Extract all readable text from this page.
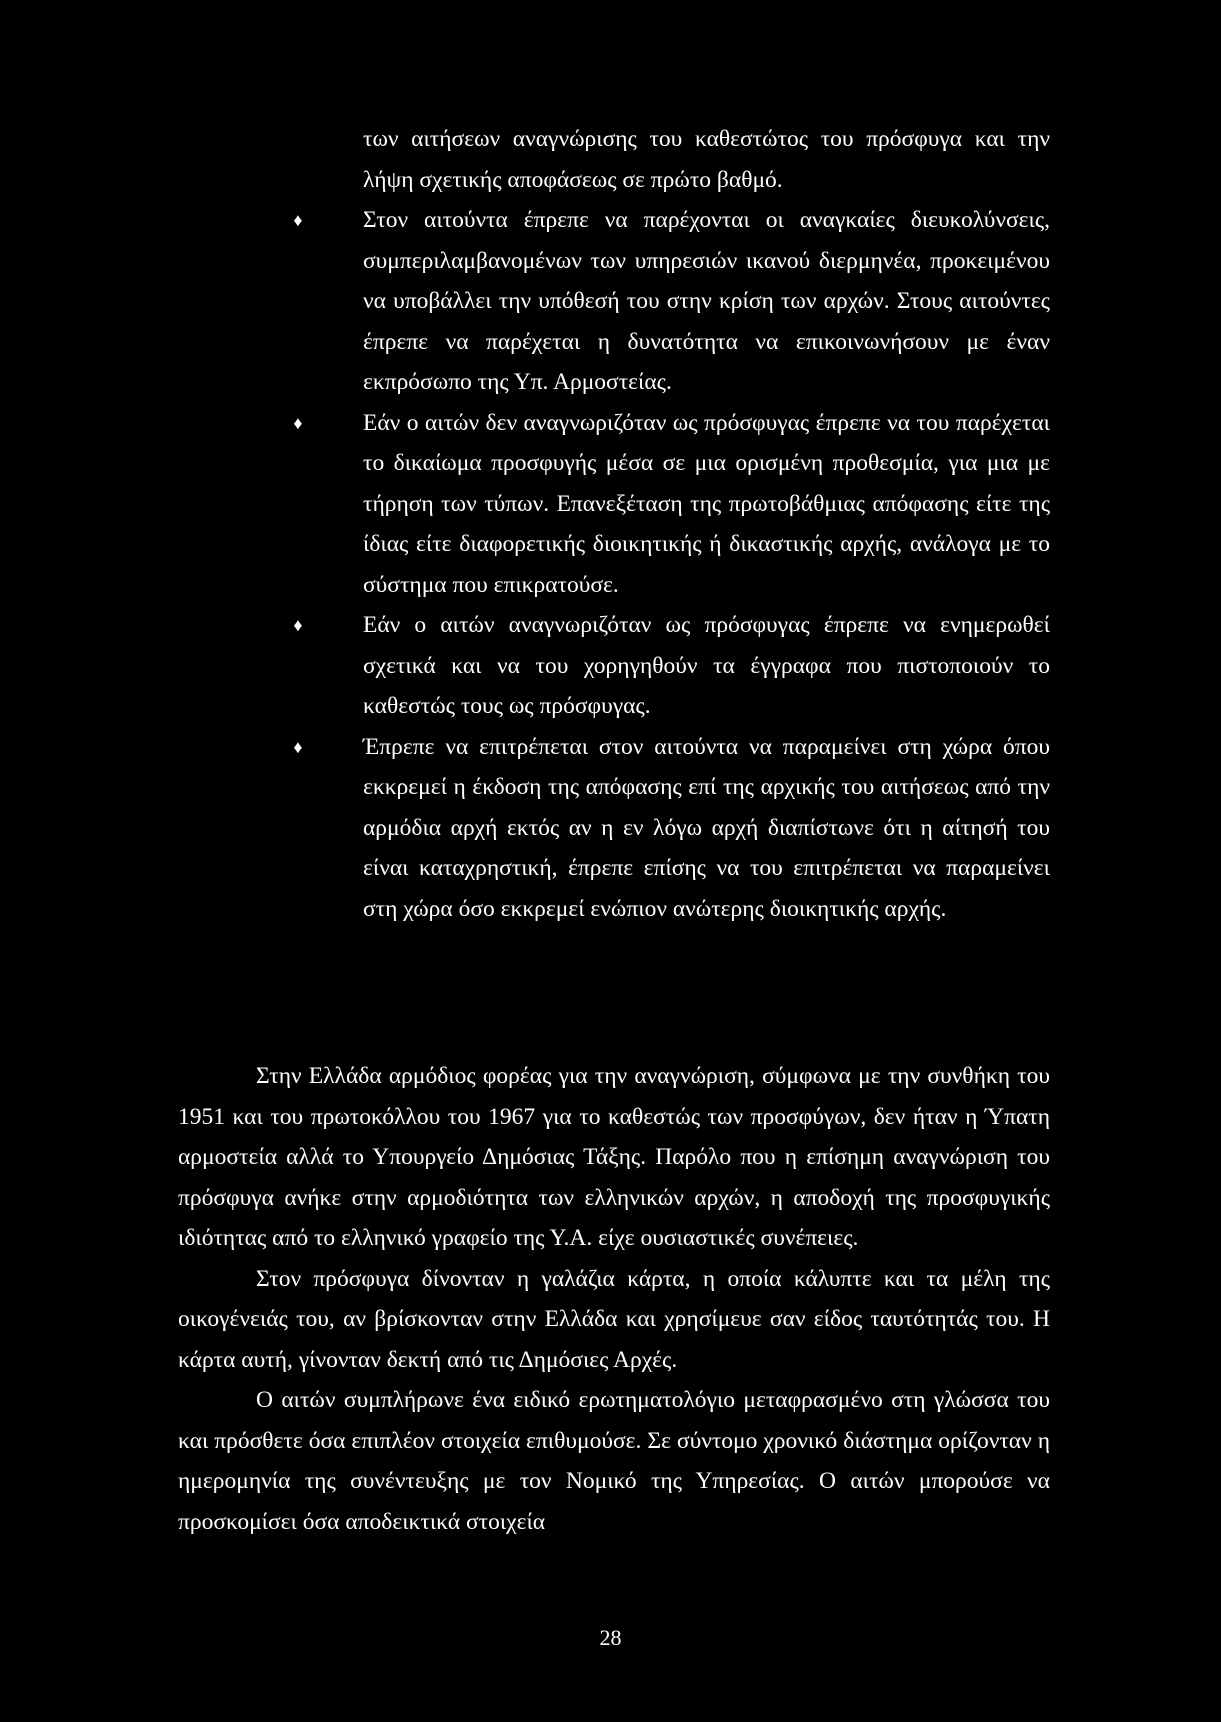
των αιτήσεων αναγνώρισης του καθεστώτος του πρόσφυγα και την λήψη σχετικής αποφάσεως σε πρώτο βαθμό.

♦	Στον αιτούντα έπρεπε να παρέχονται οι αναγκαίες διευκολύνσεις, συμπεριλαμβανομένων των υπηρεσιών ικανού διερμηνέα, προκειμένου να υποβάλλει την υπόθεσή του στην κρίση των αρχών. Στους αιτούντες έπρεπε να παρέχεται η δυνατότητα να επικοινωνήσουν με έναν εκπρόσωπο της Υπ. Αρμοστείας.
♦	Εάν ο αιτών δεν αναγνωριζόταν ως πρόσφυγας έπρεπε να του παρέχεται το δικαίωμα προσφυγής μέσα σε μια ορισμένη προθεσμία, για μια με τήρηση των τύπων. Επανεξέταση της πρωτοβάθμιας απόφασης είτε της ίδιας είτε διαφορετικής διοικητικής ή δικαστικής αρχής, ανάλογα με το σύστημα που επικρατούσε.
♦	Εάν ο αιτών αναγνωριζόταν ως πρόσφυγας έπρεπε να ενημερωθεί σχετικά και να του χορηγηθούν τα έγγραφα που πιστοποιούν το καθεστώς τους ως πρόσφυγας.
♦	Έπρεπε να επιτρέπεται στον αιτούντα να παραμείνει στη χώρα όπου εκκρεμεί η έκδοση της απόφασης επί της αρχικής του αιτήσεως από την αρμόδια αρχή εκτός αν η εν λόγω αρχή διαπίστωνε ότι η αίτησή του είναι καταχρηστική, έπρεπε επίσης να του επιτρέπεται να παραμείνει στη χώρα όσο εκκρεμεί ενώπιον ανώτερης διοικητικής αρχής.

Στην Ελλάδα αρμόδιος φορέας για την αναγνώριση, σύμφωνα με την συνθήκη του 1951 και του πρωτοκόλλου του 1967 για το καθεστώς των προσφύγων, δεν ήταν η Ύπατη αρμοστεία αλλά το Υπουργείο Δημόσιας Τάξης. Παρόλο που η επίσημη αναγνώριση του πρόσφυγα ανήκε στην αρμοδιότητα των ελληνικών αρχών, η αποδοχή της προσφυγικής ιδιότητας από το ελληνικό γραφείο της Υ.Α. είχε ουσιαστικές συνέπειες.

Στον πρόσφυγα δίνονταν η γαλάζια κάρτα, η οποία κάλυπτε και τα μέλη της οικογένειάς του, αν βρίσκονταν στην Ελλάδα και χρησίμευε σαν είδος ταυτότητάς του. Η κάρτα αυτή, γίνονταν δεκτή από τις Δημόσιες Αρχές.

Ο αιτών συμπλήρωνε ένα ειδικό ερωτηματολόγιο μεταφρασμένο στη γλώσσα του και πρόσθετε όσα επιπλέον στοιχεία επιθυμούσε. Σε σύντομο χρονικό διάστημα ορίζονταν η ημερομηνία της συνέντευξης με τον Νομικό της Υπηρεσίας. Ο αιτών μπορούσε να προσκομίσει όσα αποδεικτικά στοιχεία

28
